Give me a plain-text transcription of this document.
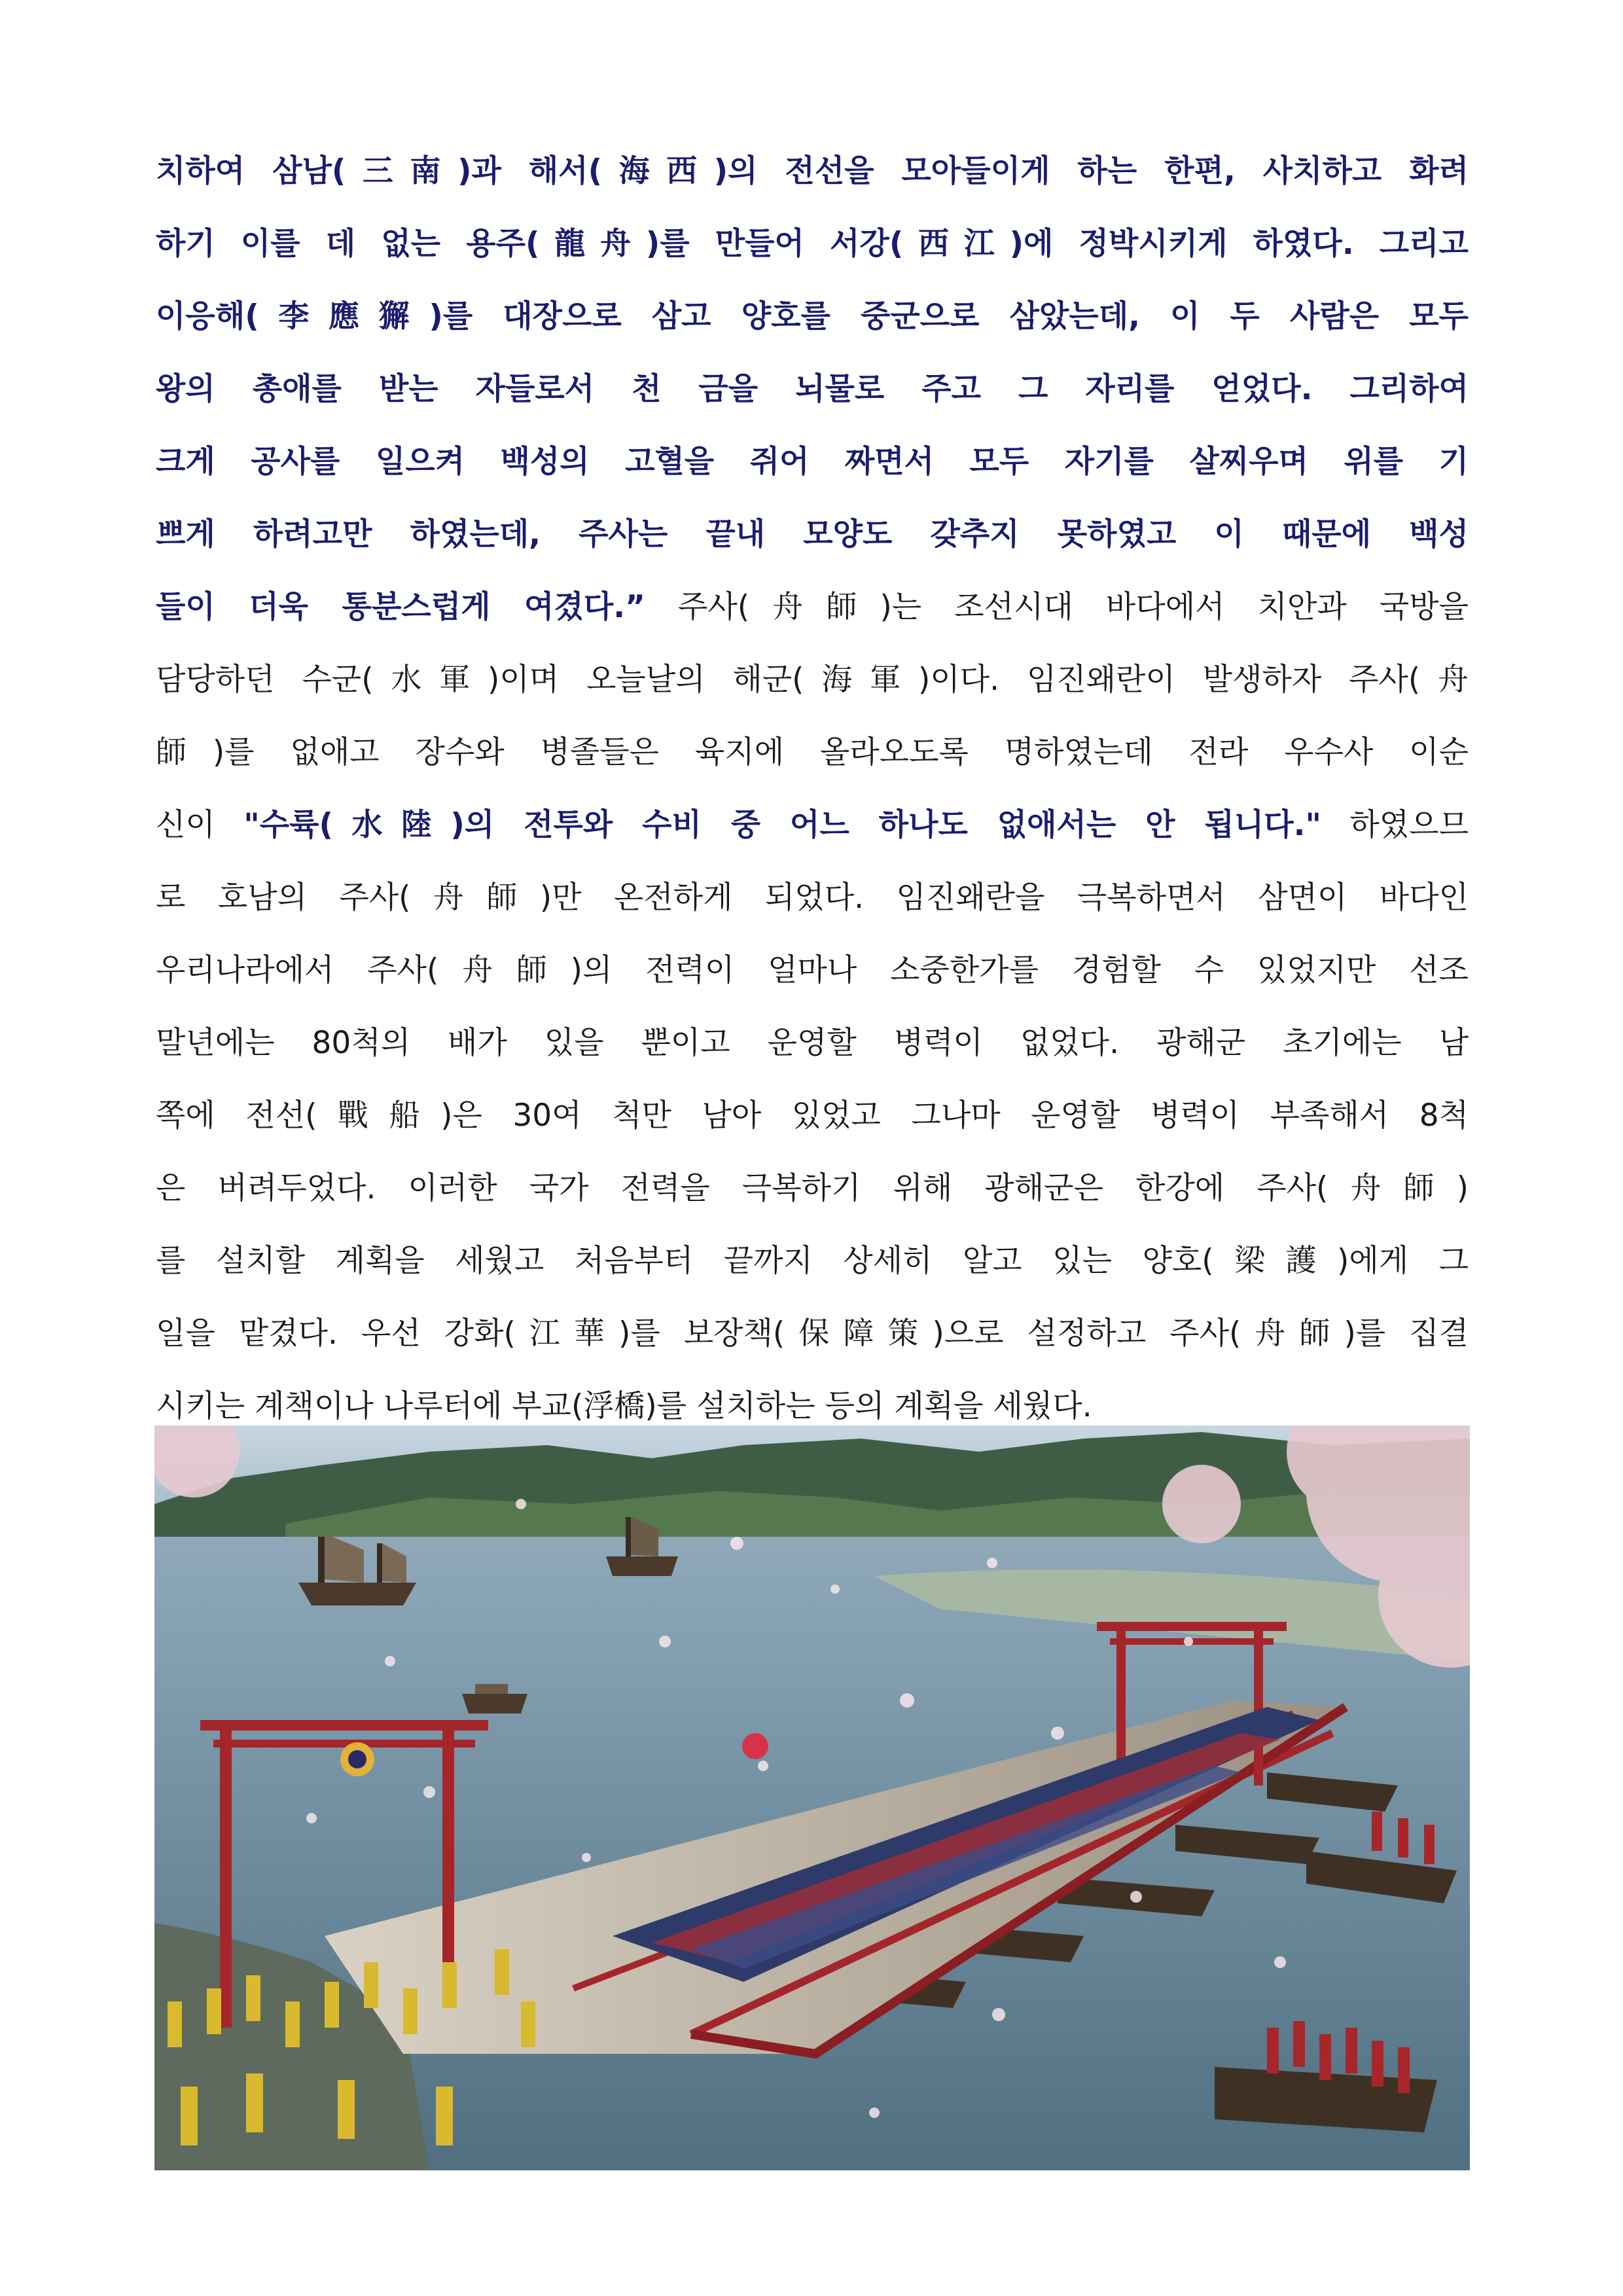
치하여 삼남(三南)과 해서(海西)의 전선을 모아들이게 하는 한편, 사치하고 화려
하기 이를 데 없는 용주(龍舟)를 만들어 서강(西江)에 정박시키게 하였다. 그리고
이응해(李應獬)를 대장으로 삼고 양호를 중군으로 삼았는데, 이 두 사람은 모두
왕의 총애를 받는 자들로서 천 금을 뇌물로 주고 그 자리를 얻었다. 그리하여
크게 공사를 일으켜 백성의 고혈을 쥐어 짜면서 모두 자기를 살찌우며 위를 기
쁘게 하려고만 하였는데, 주사는 끝내 모양도 갖추지 못하였고 이 때문에 백성
들이 더욱 통분스럽게 여겼다.” 주사(舟師)는 조선시대 바다에서 치안과 국방을
담당하던 수군(水軍)이며 오늘날의 해군(海軍)이다. 임진왜란이 발생하자 주사(舟
師)를 없애고 장수와 병졸들은 육지에 올라오도록 명하였는데 전라 우수사 이순
신이 "수륙(水陸)의 전투와 수비 중 어느 하나도 없애서는 안 됩니다." 하였으므
로 호남의 주사(舟師)만 온전하게 되었다. 임진왜란을 극복하면서 삼면이 바다인
우리나라에서 주사(舟師)의 전력이 얼마나 소중한가를 경험할 수 있었지만 선조
말년에는 80척의 배가 있을 뿐이고 운영할 병력이 없었다. 광해군 초기에는 남
쪽에 전선(戰船)은 30여 척만 남아 있었고 그나마 운영할 병력이 부족해서 8척
은 버려두었다. 이러한 국가 전력을 극복하기 위해 광해군은 한강에 주사(舟師)
를 설치할 계획을 세웠고 처음부터 끝까지 상세히 알고 있는 양호(梁護)에게 그
일을 맡겼다. 우선 강화(江華)를 보장책(保障策)으로 설정하고 주사(舟師)를 집결
시키는 계책이나 나루터에 부교(浮橋)를 설치하는 등의 계획을 세웠다.
